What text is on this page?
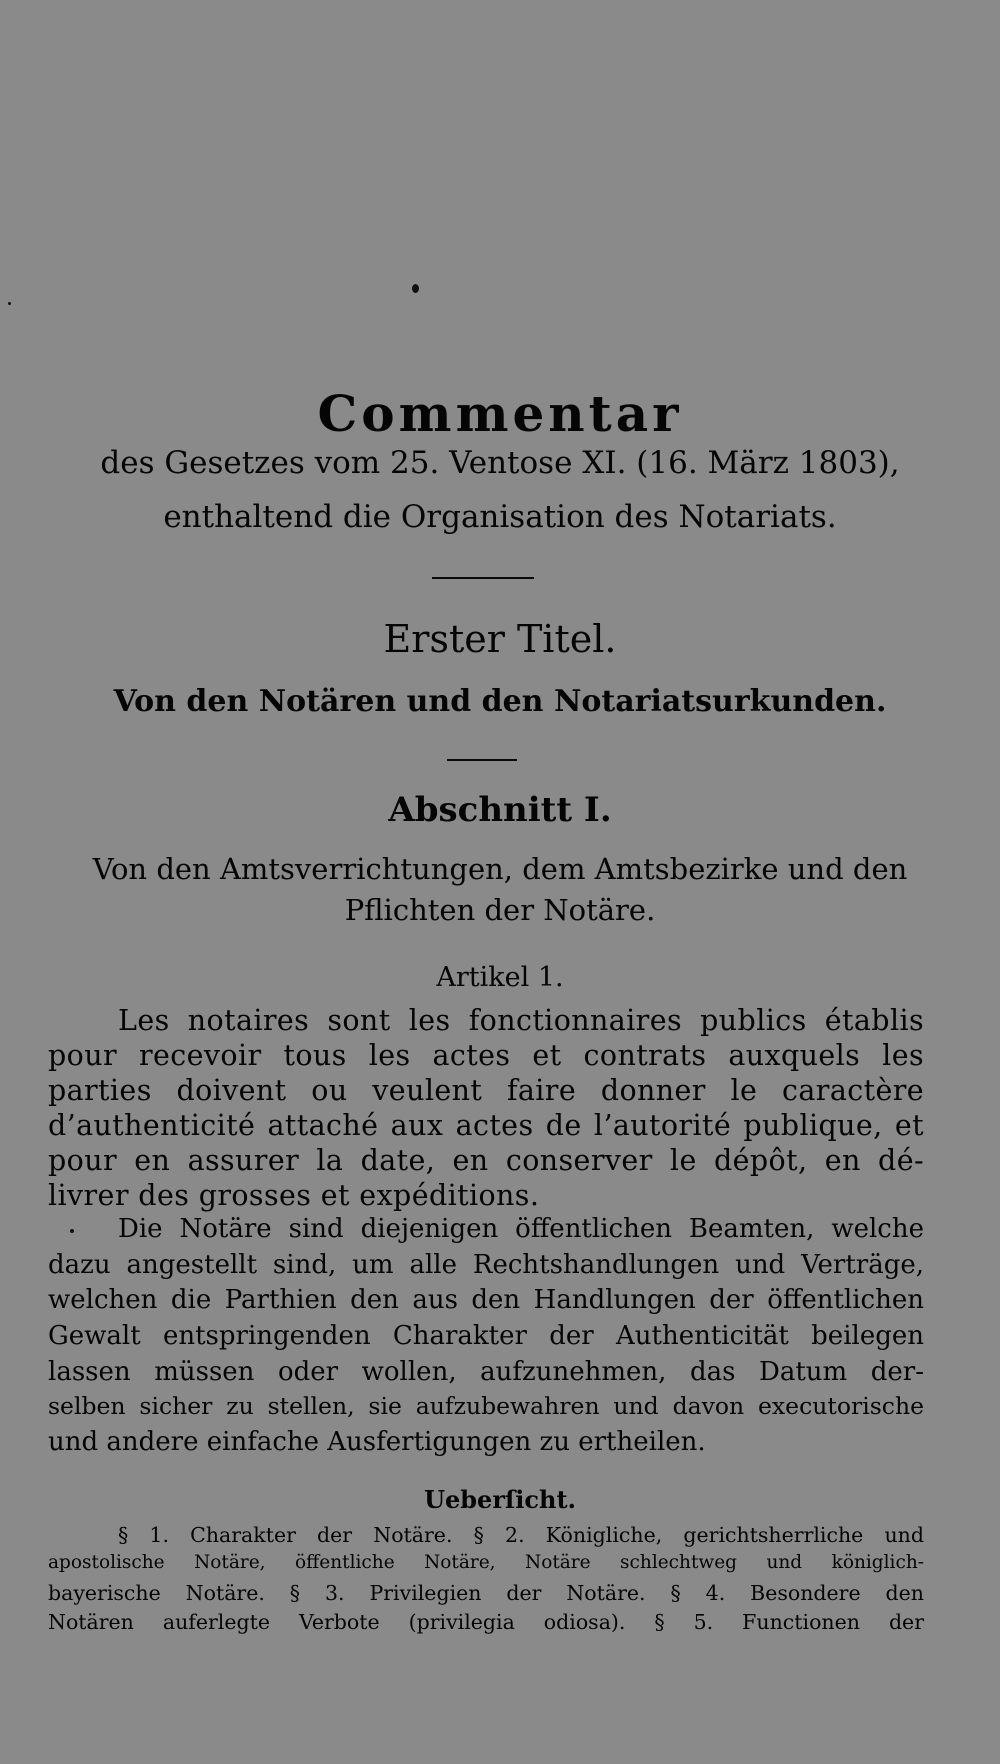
Commentar
des Gesetzes vom 25. Ventose XI. (16. März 1803),
enthaltend die Organisation des Notariats.
Erster Titel.
Von den Notären und den Notariatsurkunden.
Abschnitt I.
Von den Amtsverrichtungen, dem Amtsbezirke und den
Pflichten der Notäre.
Artikel 1.
Les notaires sont les fonctionnaires publics établis
pour recevoir tous les actes et contrats auxquels les
parties doivent ou veulent faire donner le caractère
d’authenticité attaché aux actes de l’autorité publique, et
pour en assurer la date, en conserver le dépôt, en dé-
livrer des grosses et expéditions.
Die Notäre sind diejenigen öffentlichen Beamten, welche
dazu angestellt sind, um alle Rechtshandlungen und Verträge,
welchen die Parthien den aus den Handlungen der öffentlichen
Gewalt entspringenden Charakter der Authenticität beilegen
lassen müssen oder wollen, aufzunehmen, das Datum der-
selben sicher zu stellen, sie aufzubewahren und davon executorische
und andere einfache Ausfertigungen zu ertheilen.
Ueberſicht.
§ 1. Charakter der Notäre. § 2. Königliche, gerichtsherrliche und
apostolische Notäre, öffentliche Notäre, Notäre schlechtweg und königlich-
bayerische Notäre. § 3. Privilegien der Notäre. § 4. Besondere den
Notären auferlegte Verbote (privilegia odiosa). § 5. Functionen der
